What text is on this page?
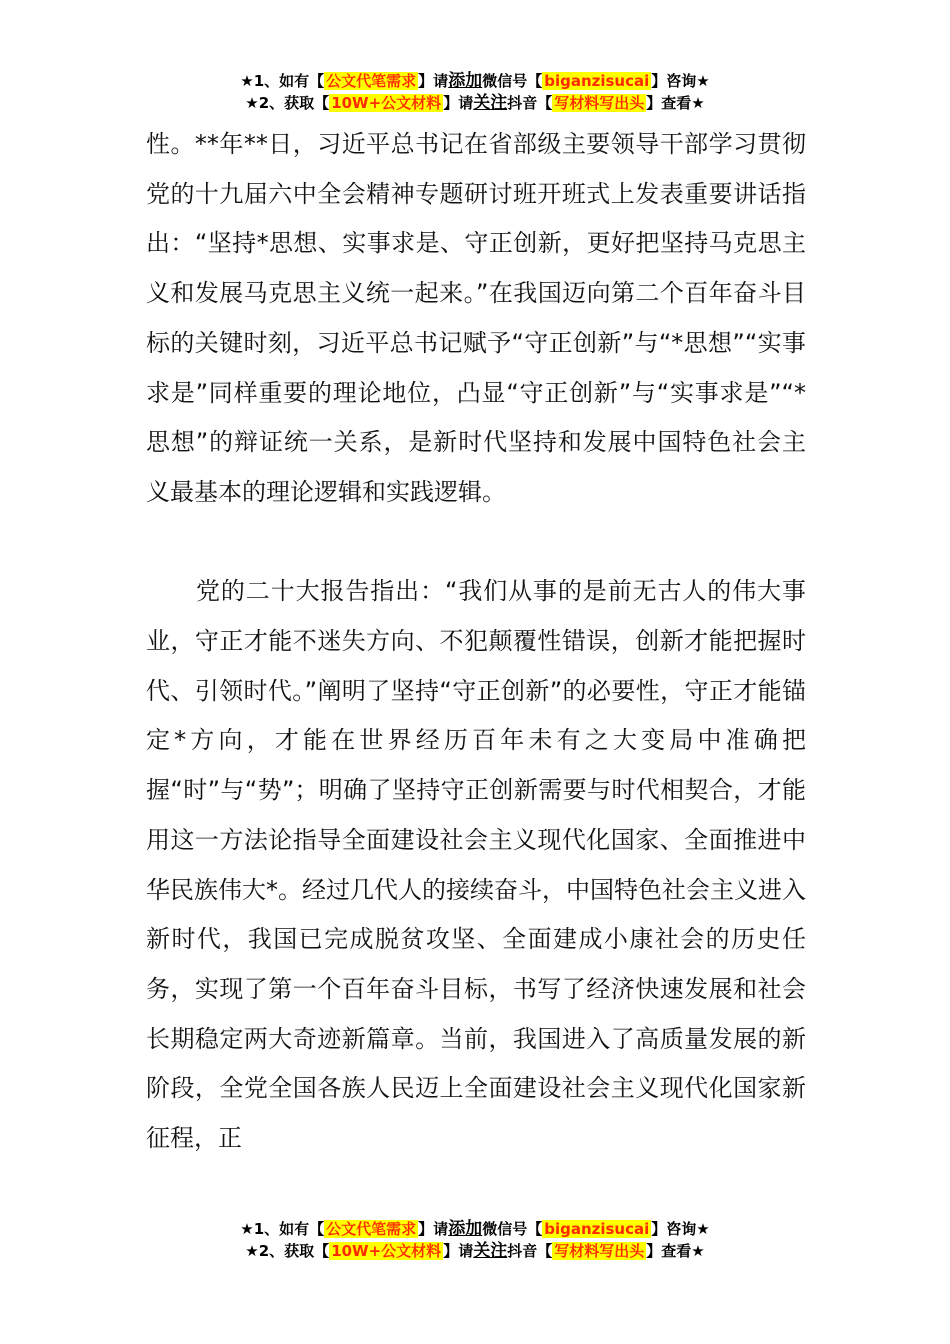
★1、如有【 公文代笔需求 】请添加微信号【 biganzisucai 】咨询★
★2、获取【 10W+公文材料 】请关注抖音【 写材料写出头 】查看★

性。**年**日，习近平总书记在省部级主要领导干部学习贯彻党的十九届六中全会精神专题研讨班开班式上发表重要讲话指出：“坚持*思想、实事求是、守正创新，更好把坚持马克思主义和发展马克思主义统一起来。”在我国迈向第二个百年奋斗目标的关键时刻，习近平总书记赋予“守正创新”与“*思想”“实事求是”同样重要的理论地位，凸显“守正创新”与“实事求是”“*思想”的辩证统一关系，是新时代坚持和发展中国特色社会主义最基本的理论逻辑和实践逻辑。

党的二十大报告指出：“我们从事的是前无古人的伟大事业，守正才能不迷失方向、不犯颠覆性错误，创新才能把握时代、引领时代。”阐明了坚持“守正创新”的必要性，守正才能锚定*方向，才能在世界经历百年未有之大变局中准确把握“时”与“势”；明确了坚持守正创新需要与时代相契合，才能用这一方法论指导全面建设社会主义现代化国家、全面推进中华民族伟大*。经过几代人的接续奋斗，中国特色社会主义进入新时代，我国已完成脱贫攻坚、全面建成小康社会的历史任务，实现了第一个百年奋斗目标，书写了经济快速发展和社会长期稳定两大奇迹新篇章。当前，我国进入了高质量发展的新阶段，全党全国各族人民迈上全面建设社会主义现代化国家新征程，正

★1、如有【 公文代笔需求 】请添加微信号【 biganzisucai 】咨询★
★2、获取【 10W+公文材料 】请关注抖音【 写材料写出头 】查看★
